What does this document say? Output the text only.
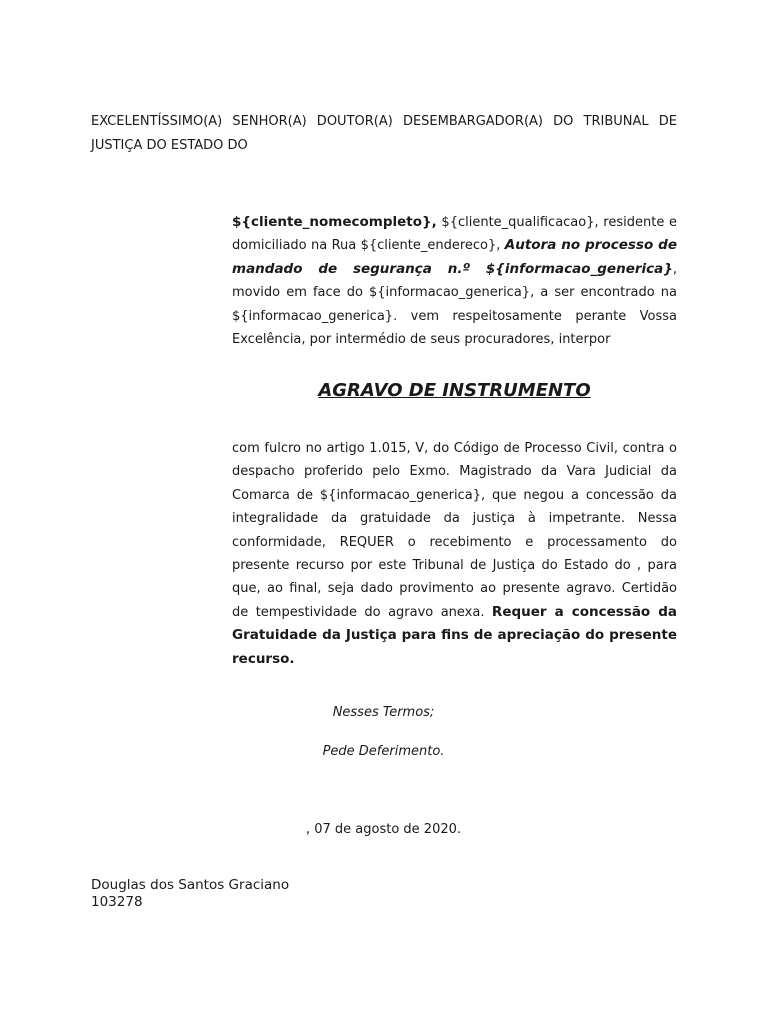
EXCELENTÍSSIMO(A) SENHOR(A) DOUTOR(A) DESEMBARGADOR(A) DO TRIBUNAL DE JUSTIÇA DO ESTADO DO
${cliente_nomecompleto}, ${cliente_qualificacao}, residente e domiciliado na Rua ${cliente_endereco}, Autora no processo de mandado de segurança n.º ${informacao_generica}, movido em face do ${informacao_generica}, a ser encontrado na ${informacao_generica}. vem respeitosamente perante Vossa Excelência, por intermédio de seus procuradores, interpor
AGRAVO DE INSTRUMENTO
com fulcro no artigo 1.015, V, do Código de Processo Civil, contra o despacho proferido pelo Exmo. Magistrado da Vara Judicial da Comarca de ${informacao_generica}, que negou a concessão da integralidade da gratuidade da justiça à impetrante. Nessa conformidade, REQUER o recebimento e processamento do presente recurso por este Tribunal de Justiça do Estado do , para que, ao final, seja dado provimento ao presente agravo. Certidão de tempestividade do agravo anexa. Requer a concessão da Gratuidade da Justiça para fins de apreciação do presente recurso.
Nesses Termos;
Pede Deferimento.
, 07 de agosto de 2020.
Douglas dos Santos Graciano
103278
